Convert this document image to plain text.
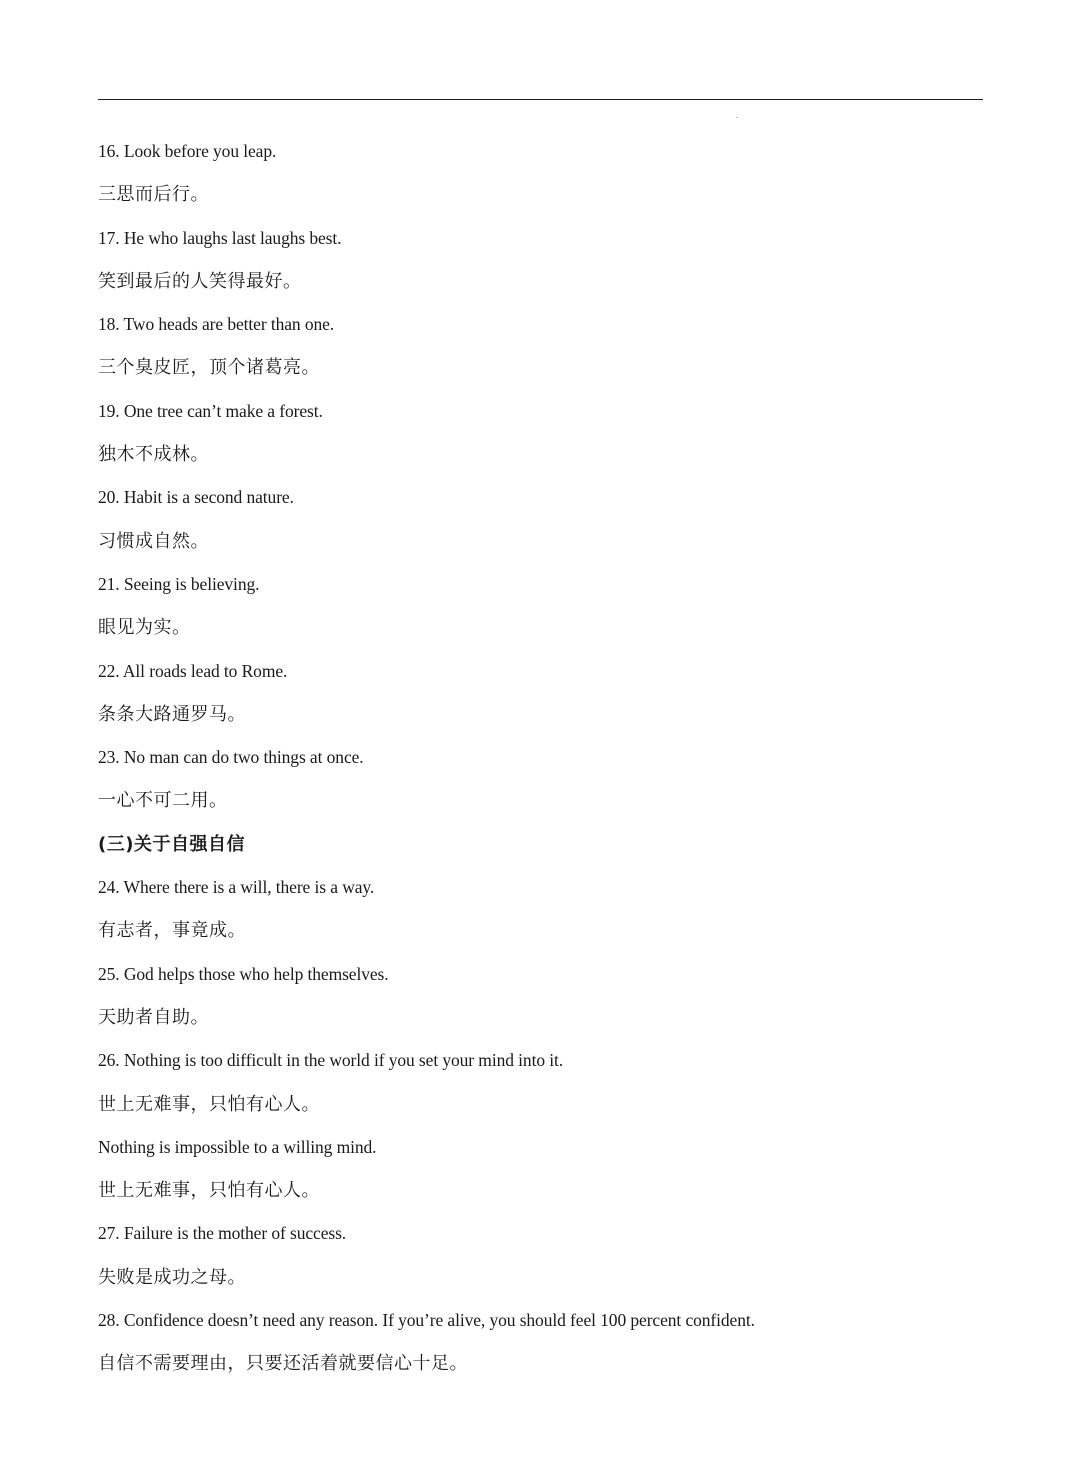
16. Look before you leap.
三思而后行。
17. He who laughs last laughs best.
笑到最后的人笑得最好。
18. Two heads are better than one.
三个臭皮匠，顶个诸葛亮。
19. One tree can’t make a forest.
独木不成林。
20. Habit is a second nature.
习惯成自然。
21. Seeing is believing.
眼见为实。
22. All roads lead to Rome.
条条大路通罗马。
23. No man can do two things at once.
一心不可二用。
(三)关于自强自信
24. Where there is a will, there is a way.
有志者，事竟成。
25. God helps those who help themselves.
天助者自助。
26. Nothing is too difficult in the world if you set your mind into it.
世上无难事，只怕有心人。
Nothing is impossible to a willing mind.
世上无难事，只怕有心人。
27. Failure is the mother of success.
失败是成功之母。
28. Confidence doesn’t need any reason. If you’re alive, you should feel 100 percent confident.
自信不需要理由，只要还活着就要信心十足。
